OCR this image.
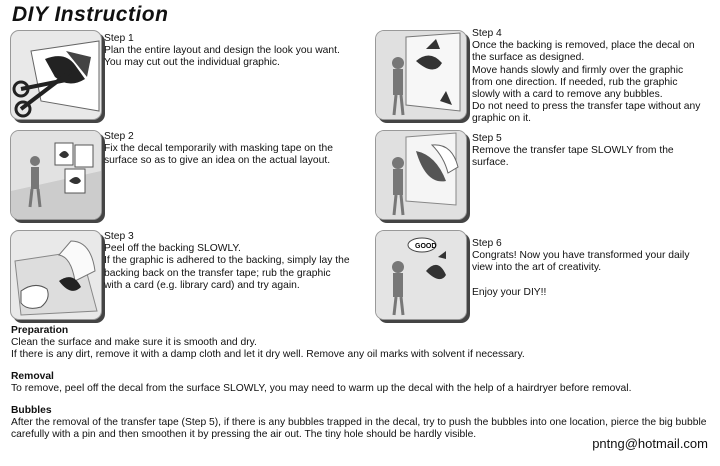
DIY Instruction
Step 1
Plan the entire layout and design the look you want. You may cut out the individual graphic.
Step 2
Fix the decal temporarily with masking tape on the surface so as to give an idea on the actual layout.
Step 3
Peel off the backing SLOWLY.
If the graphic is adhered to the backing, simply lay the backing back on the transfer tape; rub the graphic with a card (e.g. library card) and try again.
Step 4
Once the backing is removed, place the decal on the surface as designed.
Move hands slowly and firmly over the graphic from one direction. If needed, rub the graphic slowly with a card to remove any bubbles.
Do not need to press the transfer tape without any graphic on it.
Step 5
Remove the transfer tape SLOWLY from the surface.
GOOD	Step 6
Congrats! Now you have transformed your daily view into the art of creativity.

Enjoy your DIY!!
Preparation
Clean the surface and make sure it is smooth and dry.
If there is any dirt, remove it with a damp cloth and let it dry well. Remove any oil marks with solvent if necessary.
Removal
To remove, peel off the decal from the surface SLOWLY, you may need to warm up the decal with the help of a hairdryer before removal.
Bubbles
After the removal of the transfer tape (Step 5), if there is any bubbles trapped in the decal, try to push the bubbles into one location, pierce the big bubble carefully with a pin and then smoothen it by pressing the air out. The tiny hole should be hardly visible.
pntng@hotmail.com
